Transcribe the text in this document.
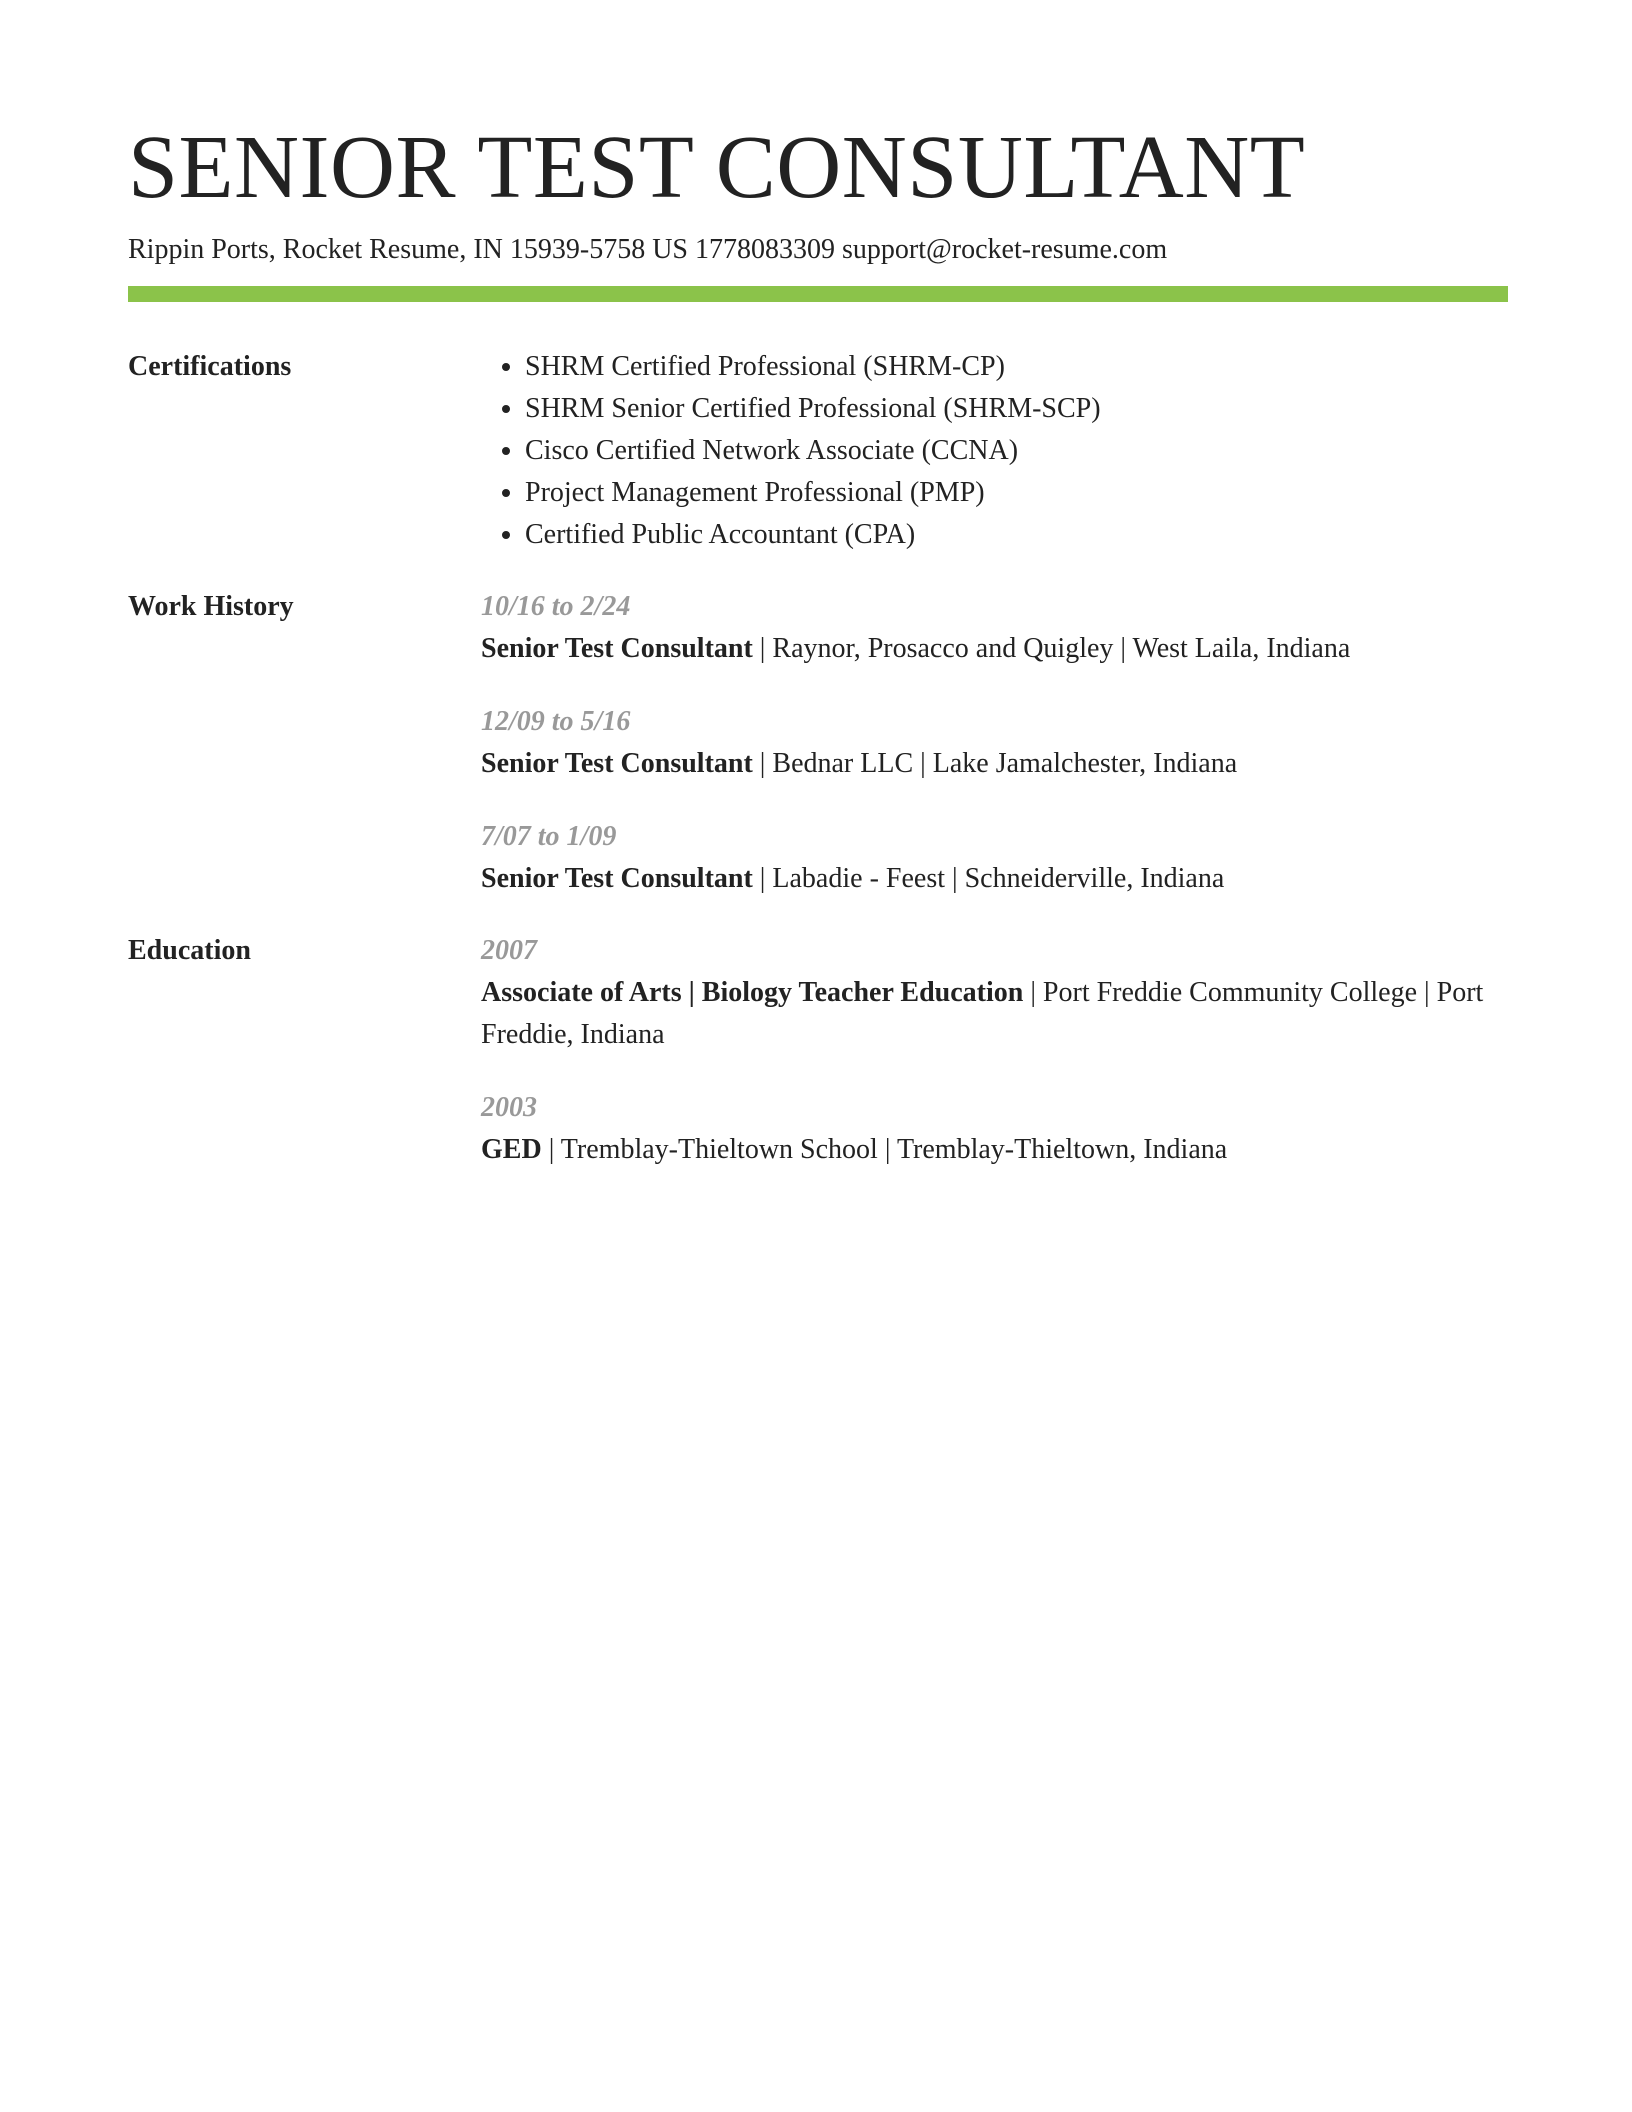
SENIOR TEST CONSULTANT
Rippin Ports, Rocket Resume, IN 15939-5758 US 1778083309 support@rocket-resume.com
Certifications
•	SHRM Certified Professional (SHRM-CP)
• SHRM Senior Certified Professional (SHRM-SCP)
• Cisco Certified Network Associate (CCNA)
• Project Management Professional (PMP)
• Certified Public Accountant (CPA)
Work History	10/16 to 2/24
Senior Test Consultant | Raynor, Prosacco and Quigley | West Laila, Indiana
12/09 to 5/16
Senior Test Consultant | Bednar LLC | Lake Jamalchester, Indiana
7/07 to 1/09
Senior Test Consultant | Labadie - Feest | Schneiderville, Indiana
Education	2007
Associate of Arts | Biology Teacher Education | Port Freddie Community College | Port Freddie, Indiana
2003
GED | Tremblay-Thieltown School | Tremblay-Thieltown, Indiana
